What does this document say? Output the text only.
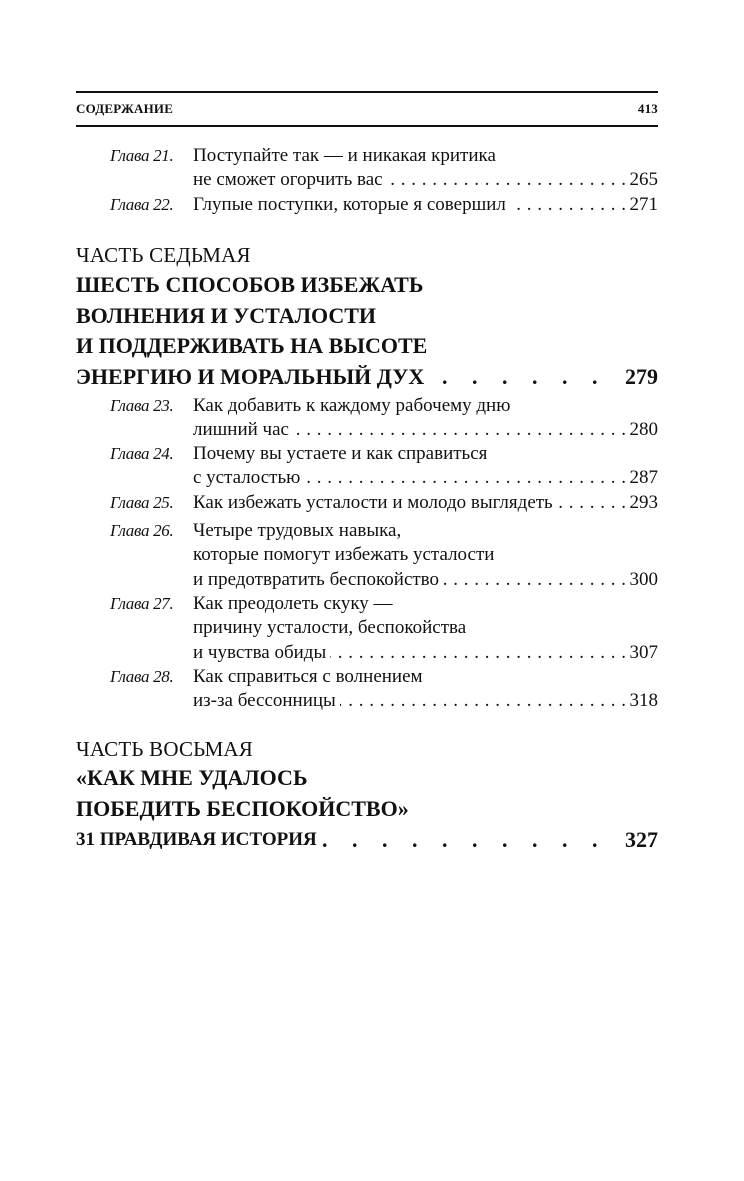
СОДЕРЖАНИЕ	413
Глава 21. Поступайте так — и никакая критика
. . . не сможет огорчить вас	265
Глава 22. . . . Глупые поступки, которые я совершил	271
ЧАСТЬ СЕДЬМАЯ
ШЕСТЬ СПОСОБОВ ИЗБЕЖАТЬ
ВОЛНЕНИЯ И УСТАЛОСТИ
И ПОДДЕРЖИВАТЬ НА ВЫСОТЕ
. ЭНЕРГИЮ И МОРАЛЬНЫЙ ДУХ	279
Глава 23. Как добавить к каждому рабочему дню
. . . лишний час	280
Глава 24. Почему вы устаете и как справиться
. . . с усталостью	287
Глава 25. . . . Как избежать усталости и молодо выглядеть	293
Глава 26. Четыре трудовых навыка,
которые помогут избежать усталости
. . . и предотвратить беспокойство	300
Глава 27. Как преодолеть скуку —
причину усталости, беспокойства
. . . и чувства обиды	307
Глава 28. Как справиться с волнением
. . . из-за бессонницы	318
ЧАСТЬ ВОСЬМАЯ
«КАК МНЕ УДАЛОСЬ
ПОБЕДИТЬ БЕСПОКОЙСТВО»
. 31 ПРАВДИВАЯ ИСТОРИЯ	327
